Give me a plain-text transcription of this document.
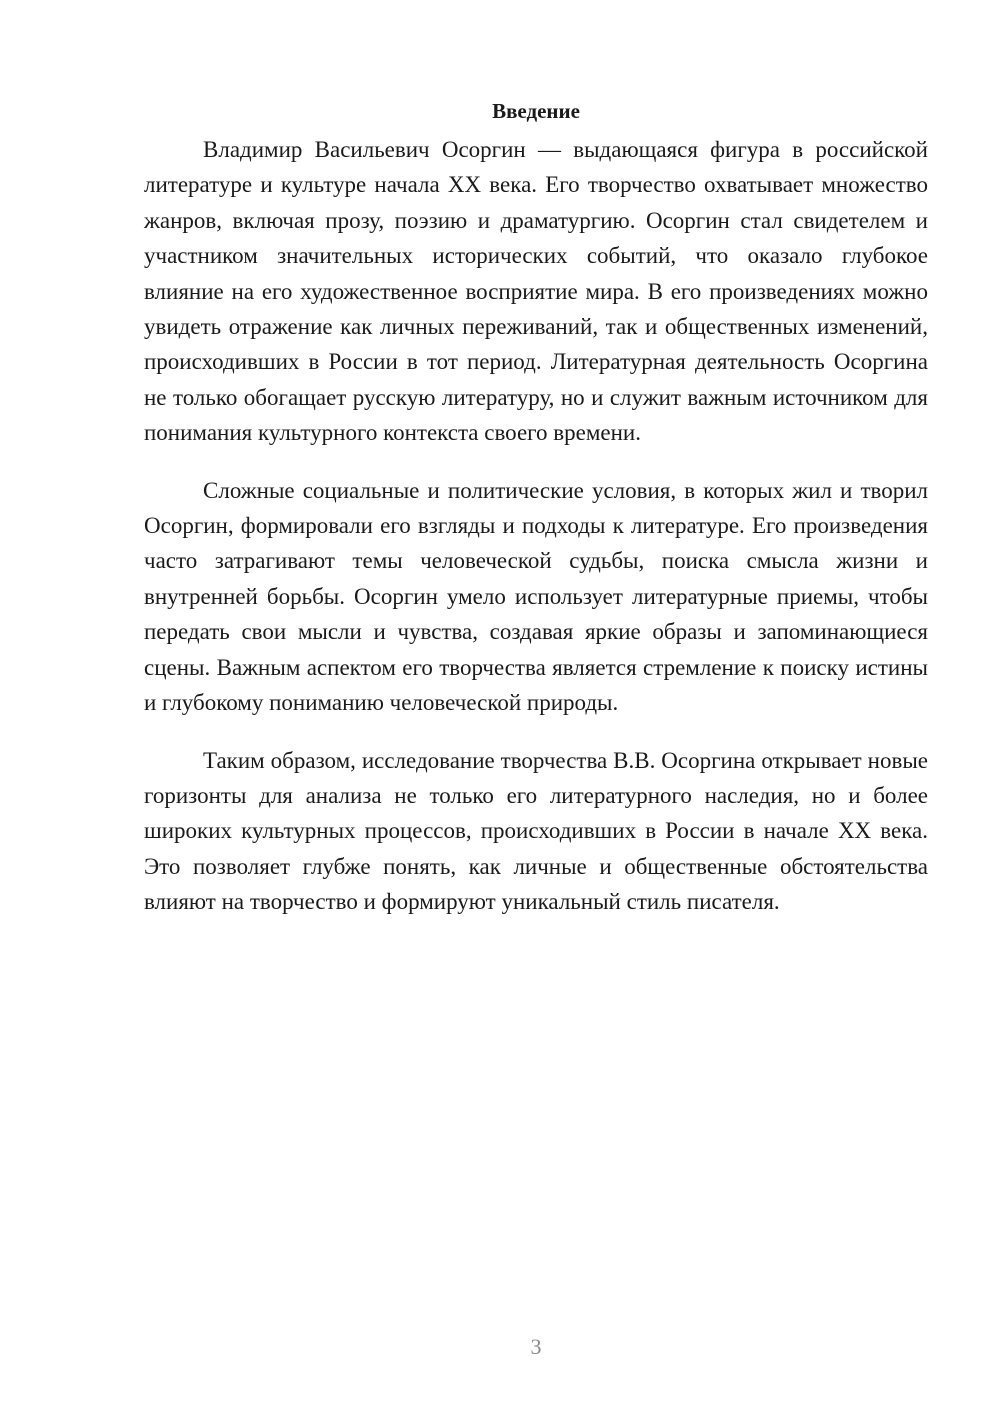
Введение

Владимир Васильевич Осоргин — выдающаяся фигура в российской литературе и культуре начала XX века. Его творчество охватывает множество жанров, включая прозу, поэзию и драматургию. Осоргин стал свидетелем и участником значительных исторических событий, что оказало глубокое влияние на его художественное восприятие мира. В его произведениях можно увидеть отражение как личных переживаний, так и общественных изменений, происходивших в России в тот период. Литературная деятельность Осоргина не только обогащает русскую литературу, но и служит важным источником для понимания культурного контекста своего времени.

Сложные социальные и политические условия, в которых жил и творил Осоргин, формировали его взгляды и подходы к литературе. Его произведения часто затрагивают темы человеческой судьбы, поиска смысла жизни и внутренней борьбы. Осоргин умело использует литературные приемы, чтобы передать свои мысли и чувства, создавая яркие образы и запоминающиеся сцены. Важным аспектом его творчества является стремление к поиску истины и глубокому пониманию человеческой природы.

Таким образом, исследование творчества В.В. Осоргина открывает новые горизонты для анализа не только его литературного наследия, но и более широких культурных процессов, происходивших в России в начале XX века. Это позволяет глубже понять, как личные и общественные обстоятельства влияют на творчество и формируют уникальный стиль писателя.

3
